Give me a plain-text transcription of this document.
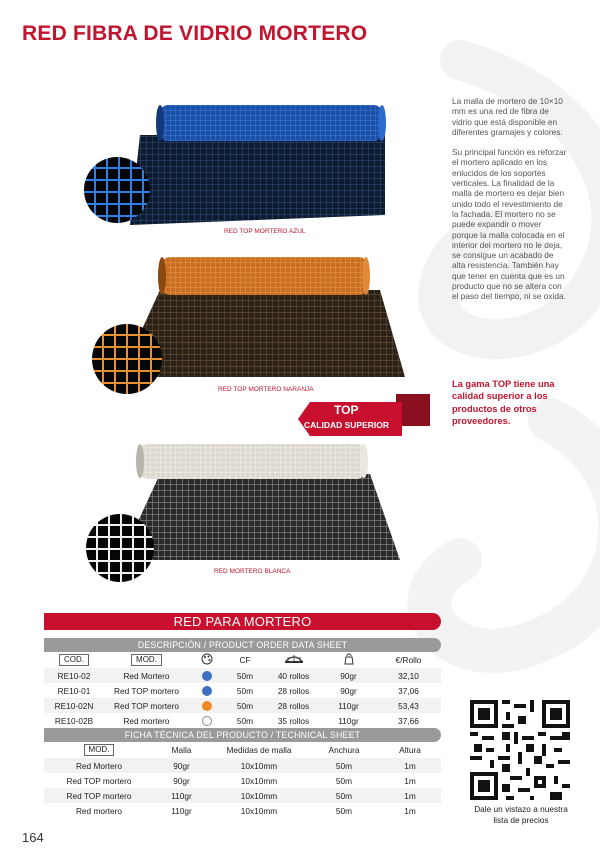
RED FIBRA DE VIDRIO MORTERO
RED TOP MORTERO AZUL
RED TOP MORTERO NARANJA
TOP
CALIDAD SUPERIOR
RED MORTERO BLANCA

La malla de mortero de 10×10 mm es una red de fibra de vidrio que está disponible en diferentes gramajes y colores.

Su principal función es reforzar el mortero aplicado en los enlucidos de los soportes verticales. La finalidad de la malla de mortero es dejar bien unido todo el revestimiento de la fachada. El mortero no se puede expandir o mover porque la malla colocada en el interior del mortero no le deja, se consigue un acabado de alta resistencia. También hay que tener en cuenta que es un producto que no se altera con el paso del tiempo, ni se oxida.

La gama TOP tiene una calidad superior a los productos de otros proveedores.
RED PARA MORTERO
DESCRIPCIÓN / PRODUCT ORDER DATA SHEET
COD.	MOD.		CF			€/Rollo
RE10-02	Red Mortero		50m	40 rollos	90gr	32,10
RE10-01	Red TOP mortero		50m	28 rollos	90gr	37,06
RE10-02N	Red TOP mortero		50m	28 rollos	110gr	53,43
RE10-02B	Red mortero		50m	35 rollos	110gr	37,66
FICHA TÉCNICA DEL PRODUCTO / TECHNICAL SHEET
MOD.	Malla	Medidas de malla	Anchura	Altura
Red Mortero	90gr	10x10mm	50m	1m
Red TOP mortero	90gr	10x10mm	50m	1m
Red TOP mortero	110gr	10x10mm	50m	1m
Red mortero	110gr	10x10mm	50m	1m	Dale un vistazo a nuestra lista de precios
164
